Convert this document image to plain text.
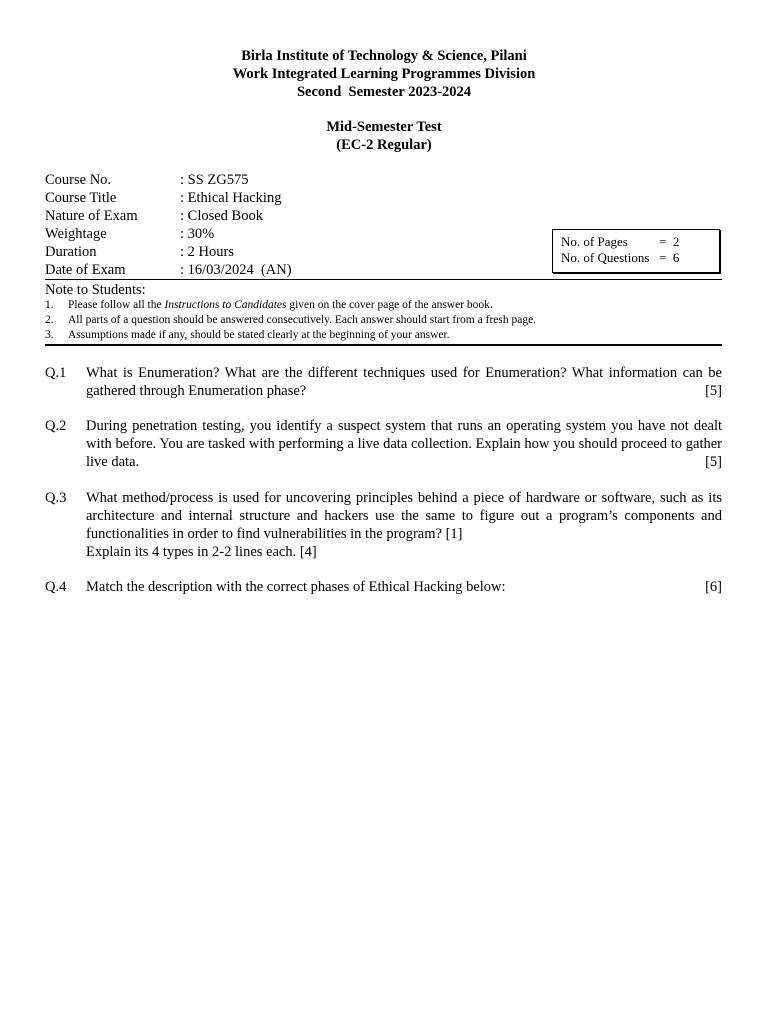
Birla Institute of Technology & Science, Pilani
Work Integrated Learning Programmes Division
Second  Semester 2023-2024
Mid-Semester Test
(EC-2 Regular)
Course No.	: SS ZG575
Course Title	: Ethical Hacking
Nature of Exam	: Closed Book
Weightage	: 30%
Duration	: 2 Hours
Date of Exam	: 16/03/2024  (AN)
No. of Pages =  2
No. of Questions =  6
Note to Students:
1. Please follow all the Instructions to Candidates given on the cover page of the answer book.
2. All parts of a question should be answered consecutively. Each answer should start from a fresh page.
3. Assumptions made if any, should be stated clearly at the beginning of your answer.
Q.1 What is Enumeration? What are the different techniques used for Enumeration? What information can be gathered through Enumeration phase?	[5]
Q.2 During penetration testing, you identify a suspect system that runs an operating system you have not dealt with before. You are tasked with performing a live data collection. Explain how you should proceed to gather live data.	[5]
Q.3 What method/process is used for uncovering principles behind a piece of hardware or software, such as its architecture and internal structure and hackers use the same to figure out a program’s components and functionalities in order to find vulnerabilities in the program? [1]
Explain its 4 types in 2-2 lines each. [4]
Q.4 Match the description with the correct phases of Ethical Hacking below:	[6]
